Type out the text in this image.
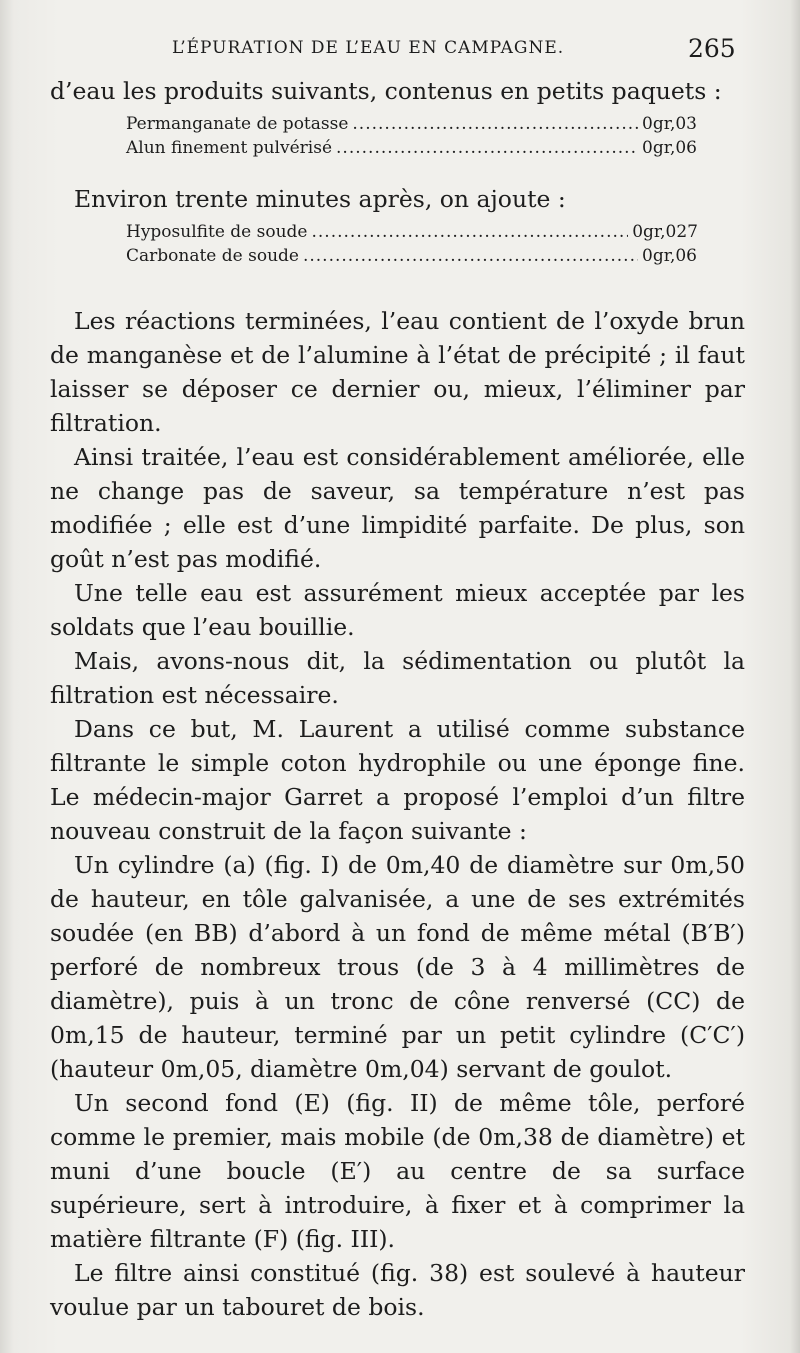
L’ÉPURATION DE L’EAU EN CAMPAGNE.	265

d’eau les produits suivants, contenus en petits paquets :

Permanganate de potasse .....	0gr,03
Alun finement pulvérisé .....	0gr,06

Environ trente minutes après, on ajoute :

Hyposulfite de soude .....	0gr,027
Carbonate de soude .....	0gr,06

Les réactions terminées, l’eau contient de l’oxyde brun de manganèse et de l’alumine à l’état de précipité ; il faut laisser se déposer ce dernier ou, mieux, l’éliminer par filtration.

Ainsi traitée, l’eau est considérablement améliorée, elle ne change pas de saveur, sa température n’est pas modifiée ; elle est d’une limpidité parfaite. De plus, son goût n’est pas modifié.

Une telle eau est assurément mieux acceptée par les soldats que l’eau bouillie.

Mais, avons-nous dit, la sédimentation ou plutôt la filtration est nécessaire.

Dans ce but, M. Laurent a utilisé comme substance filtrante le simple coton hydrophile ou une éponge fine. Le médecin-major Garret a proposé l’emploi d’un filtre nouveau construit de la façon suivante :

Un cylindre (a) (fig. I) de 0m,40 de diamètre sur 0m,50 de hauteur, en tôle galvanisée, a une de ses extrémités soudée (en BB) d’abord à un fond de même métal (B′B′) perforé de nombreux trous (de 3 à 4 millimètres de diamètre), puis à un tronc de cône renversé (CC) de 0m,15 de hauteur, terminé par un petit cylindre (C′C′) (hauteur 0m,05, diamètre 0m,04) servant de goulot.

Un second fond (E) (fig. II) de même tôle, perforé comme le premier, mais mobile (de 0m,38 de diamètre) et muni d’une boucle (E′) au centre de sa surface supérieure, sert à introduire, à fixer et à comprimer la matière filtrante (F) (fig. III).

Le filtre ainsi constitué (fig. 38) est soulevé à hauteur voulue par un tabouret de bois.
